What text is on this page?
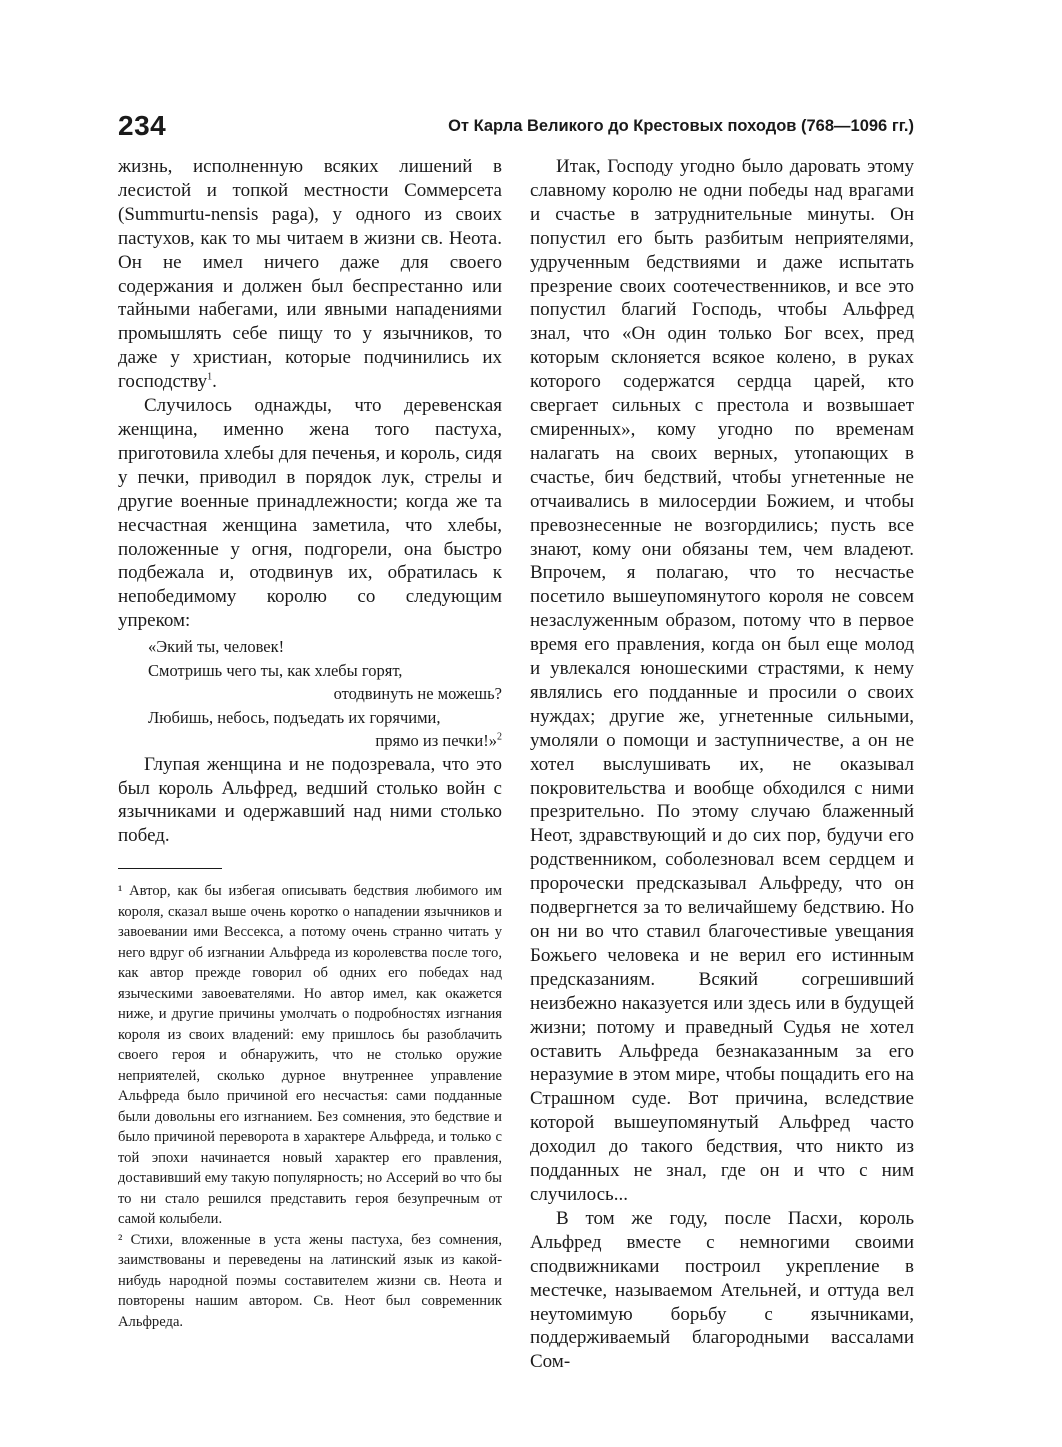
234	От Карла Великого до Крестовых походов (768—1096 гг.)

жизнь, исполненную всяких лишений в лесистой и топкой местности Соммерсета (Summurtu-nensis paga), у одного из своих пастухов, как то мы читаем в жизни св. Неота. Он не имел ничего даже для своего содержания и должен был беспрестанно или тайными набегами, или явными нападениями промышлять себе пищу то у язычников, то даже у христиан, которые подчинились их господству$^1$.

Случилось однажды, что деревенская женщина, именно жена того пастуха, приготовила хлебы для печенья, и король, сидя у печки, приводил в порядок лук, стрелы и другие военные принадлежности; когда же та несчастная женщина заметила, что хлебы, положенные у огня, подгорели, она быстро подбежала и, отодвинув их, обратилась к непобедимому королю со следующим упреком:

«Экий ты, человек!
Смотришь чего ты, как хлебы горят,
отодвинуть не можешь?
Любишь, небось, подъедать их горячими,
прямо из печки!»$^2$

Глупая женщина и не подозревала, что это был король Альфред, ведший столько войн с язычниками и одержавший над ними столько побед.

¹ Автор, как бы избегая описывать бедствия любимого им короля, сказал выше очень коротко о нападении язычников и завоевании ими Вессекса, а потому очень странно читать у него вдруг об изгнании Альфреда из королевства после того, как автор прежде говорил об одних его победах над языческими завоевателями. Но автор имел, как окажется ниже, и другие причины умолчать о подробностях изгнания короля из своих владений: ему пришлось бы разоблачить своего героя и обнаружить, что не столько оружие неприятелей, сколько дурное внутреннее управление Альфреда было причиной его несчастья: сами подданные были довольны его изгнанием. Без сомнения, это бедствие и было причиной переворота в характере Альфреда, и только с той эпохи начинается новый характер его правления, доставивший ему такую популярность; но Ассерий во что бы то ни стало решился представить героя безупречным от самой колыбели.

² Стихи, вложенные в уста жены пастуха, без сомнения, заимствованы и переведены на латинский язык из какой-нибудь народной поэмы составителем жизни св. Неота и повторены нашим автором. Св. Неот был современник Альфреда.

Итак, Господу угодно было даровать этому славному королю не одни победы над врагами и счастье в затруднительные минуты. Он попустил его быть разбитым неприятелями, удрученным бедствиями и даже испытать презрение своих соотечественников, и все это попустил благий Господь, чтобы Альфред знал, что «Он один только Бог всех, пред которым склоняется всякое колено, в руках которого содержатся сердца царей, кто свергает сильных с престола и возвышает смиренных», кому угодно по временам налагать на своих верных, утопающих в счастье, бич бедствий, чтобы угнетенные не отчаивались в милосердии Божием, и чтобы превознесенные не возгордились; пусть все знают, кому они обязаны тем, чем владеют. Впрочем, я полагаю, что то несчастье посетило вышеупомянутого короля не совсем незаслуженным образом, потому что в первое время его правления, когда он был еще молод и увлекался юношескими страстями, к нему являлись его подданные и просили о своих нуждах; другие же, угнетенные сильными, умоляли о помощи и заступничестве, а он не хотел выслушивать их, не оказывал покровительства и вообще обходился с ними презрительно. По этому случаю блаженный Неот, здравствующий и до сих пор, будучи его родственником, соболезновал всем сердцем и пророчески предсказывал Альфреду, что он подвергнется за то величайшему бедствию. Но он ни во что ставил благочестивые увещания Божьего человека и не верил его истинным предсказаниям. Всякий согрешивший неизбежно наказуется или здесь или в будущей жизни; потому и праведный Судья не хотел оставить Альфреда безнаказанным за его неразумие в этом мире, чтобы пощадить его на Страшном суде. Вот причина, вследствие которой вышеупомянутый Альфред часто доходил до такого бедствия, что никто из подданных не знал, где он и что с ним случилось...

В том же году, после Пасхи, король Альфред вместе с немногими своими сподвижниками построил укрепление в местечке, называемом Ательней, и оттуда вел неутомимую борьбу с язычниками, поддерживаемый благородными вассалами Сом-
